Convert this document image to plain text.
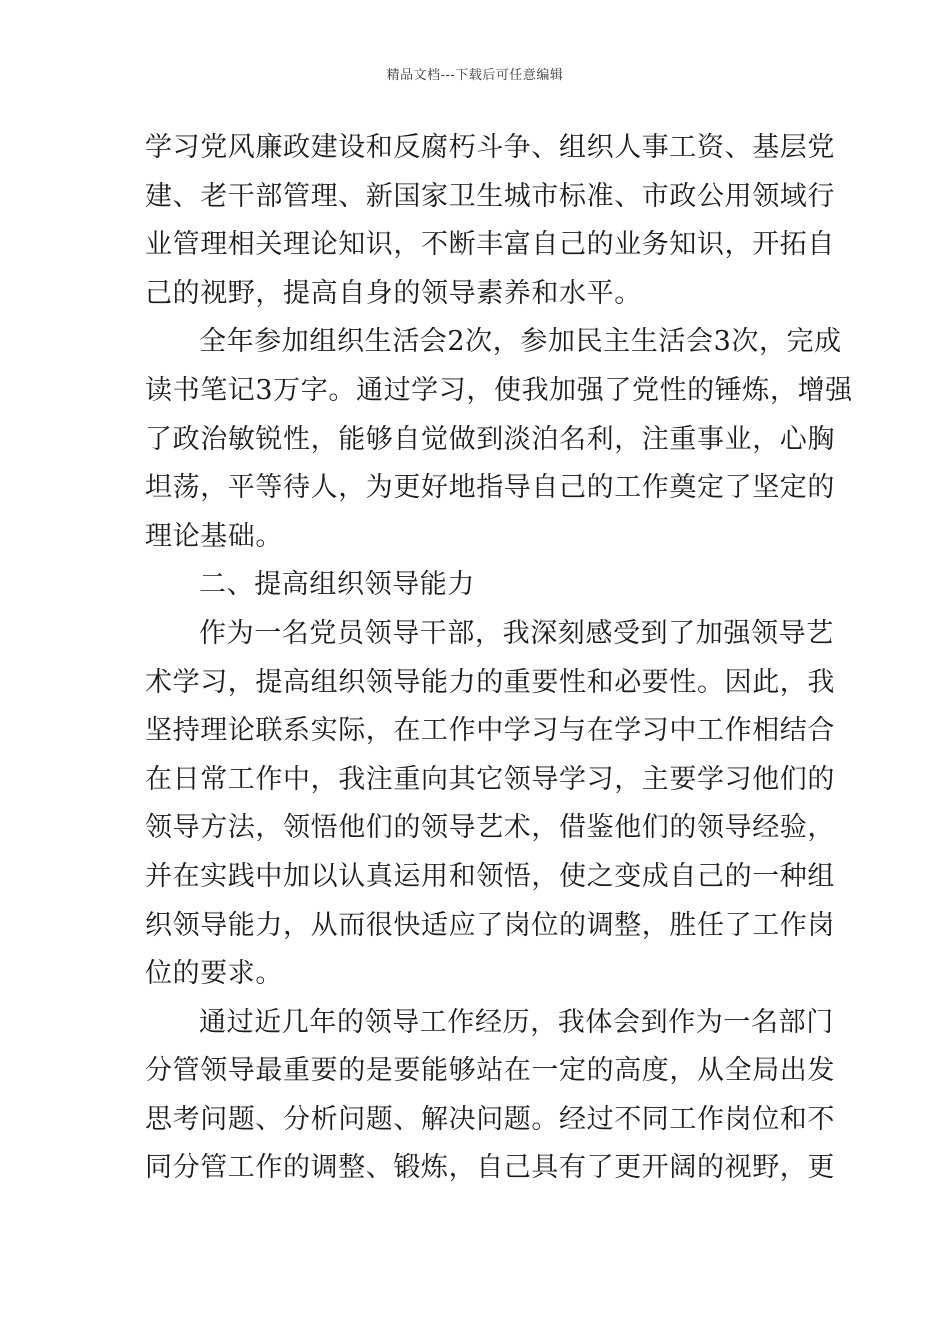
精品文档---下载后可任意编辑
学习党风廉政建设和反腐朽斗争、组织人事工资、基层党
建、老干部管理、新国家卫生城市标准、市政公用领域行
业管理相关理论知识，不断丰富自己的业务知识，开拓自
己的视野，提高自身的领导素养和水平。
全年参加组织生活会2次，参加民主生活会3次，完成
读书笔记3万字。通过学习，使我加强了党性的锤炼，增强
了政治敏锐性，能够自觉做到淡泊名利，注重事业，心胸
坦荡，平等待人，为更好地指导自己的工作奠定了坚定的
理论基础。
二、提高组织领导能力
作为一名党员领导干部，我深刻感受到了加强领导艺
术学习，提高组织领导能力的重要性和必要性。因此，我
坚持理论联系实际，在工作中学习与在学习中工作相结合
在日常工作中，我注重向其它领导学习，主要学习他们的
领导方法，领悟他们的领导艺术，借鉴他们的领导经验，
并在实践中加以认真运用和领悟，使之变成自己的一种组
织领导能力，从而很快适应了岗位的调整，胜任了工作岗
位的要求。
通过近几年的领导工作经历，我体会到作为一名部门
分管领导最重要的是要能够站在一定的高度，从全局出发
思考问题、分析问题、解决问题。经过不同工作岗位和不
同分管工作的调整、锻炼，自己具有了更开阔的视野，更
